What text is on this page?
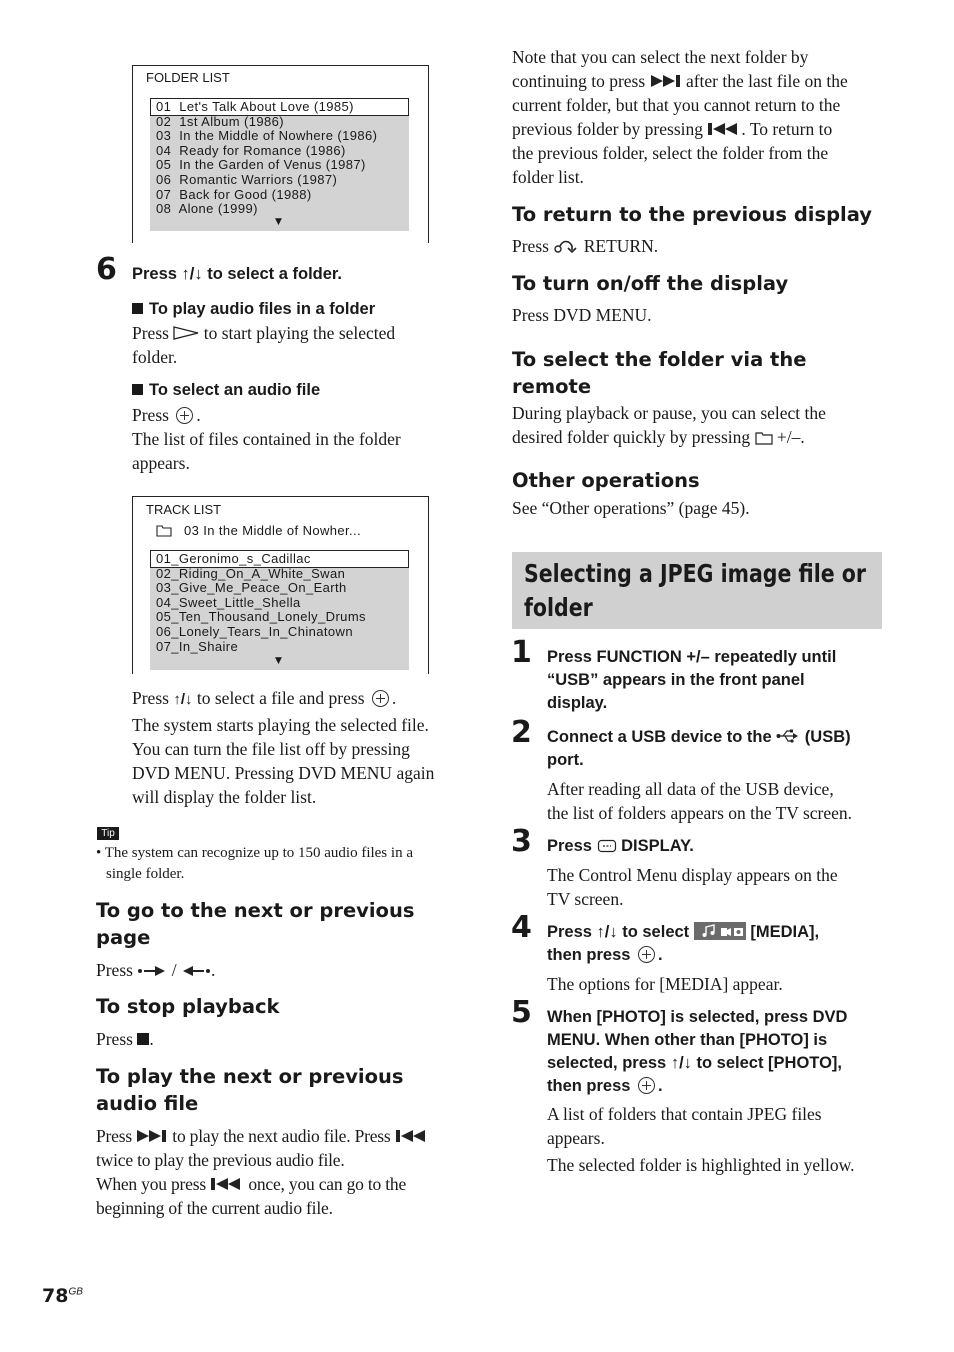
FOLDER LIST
01  Let's Talk About Love (1985)
02  1st Album (1986)
03  In the Middle of Nowhere (1986)
04  Ready for Romance (1986)
05  In the Garden of Venus (1987)
06  Romantic Warriors (1987)
07  Back for Good (1988)
08  Alone (1999)
▼
6 Press ↑/↓ to select a folder.
To play audio files in a folder
Press  to start playing the selected
folder.
To select an audio file
Press .
The list of files contained in the folder
appears.
TRACK LIST
03 In the Middle of Nowher...
01_Geronimo_s_Cadillac
02_Riding_On_A_White_Swan
03_Give_Me_Peace_On_Earth
04_Sweet_Little_Shella
05_Ten_Thousand_Lonely_Drums
06_Lonely_Tears_In_Chinatown
07_In_Shaire
▼
Press ↑/↓ to select a file and press .
The system starts playing the selected file.
You can turn the file list off by pressing
DVD MENU. Pressing DVD MENU again
will display the folder list.
Tip
• The system can recognize up to 150 audio files in a
single folder.
To go to the next or previous
page
Press  / .
To stop playback
Press .
To play the next or previous
audio file
Press  to play the next audio file. Press
twice to play the previous audio file.
When you press  once, you can go to the
beginning of the current audio file.
Note that you can select the next folder by
continuing to press  after the last file on the
current folder, but that you cannot return to the
previous folder by pressing . To return to
the previous folder, select the folder from the
folder list.
To return to the previous display
Press  RETURN.
To turn on/off the display
Press DVD MENU.
To select the folder via the
remote
During playback or pause, you can select the
desired folder quickly by pressing  +/–.
Other operations
See “Other operations” (page 45).
Selecting a JPEG image file or
folder
1 Press FUNCTION +/– repeatedly until
“USB” appears in the front panel
display.
2 Connect a USB device to the  (USB)
port.
After reading all data of the USB device,
the list of folders appears on the TV screen.
3 Press  DISPLAY.
The Control Menu display appears on the
TV screen.
4 Press ↑/↓ to select	[MEDIA],
then press .
The options for [MEDIA] appear.
5 When [PHOTO] is selected, press DVD
MENU. When other than [PHOTO] is
selected, press ↑/↓ to select [PHOTO],
then press .
A list of folders that contain JPEG files
appears.
The selected folder is highlighted in yellow.
$78^{GB}$
